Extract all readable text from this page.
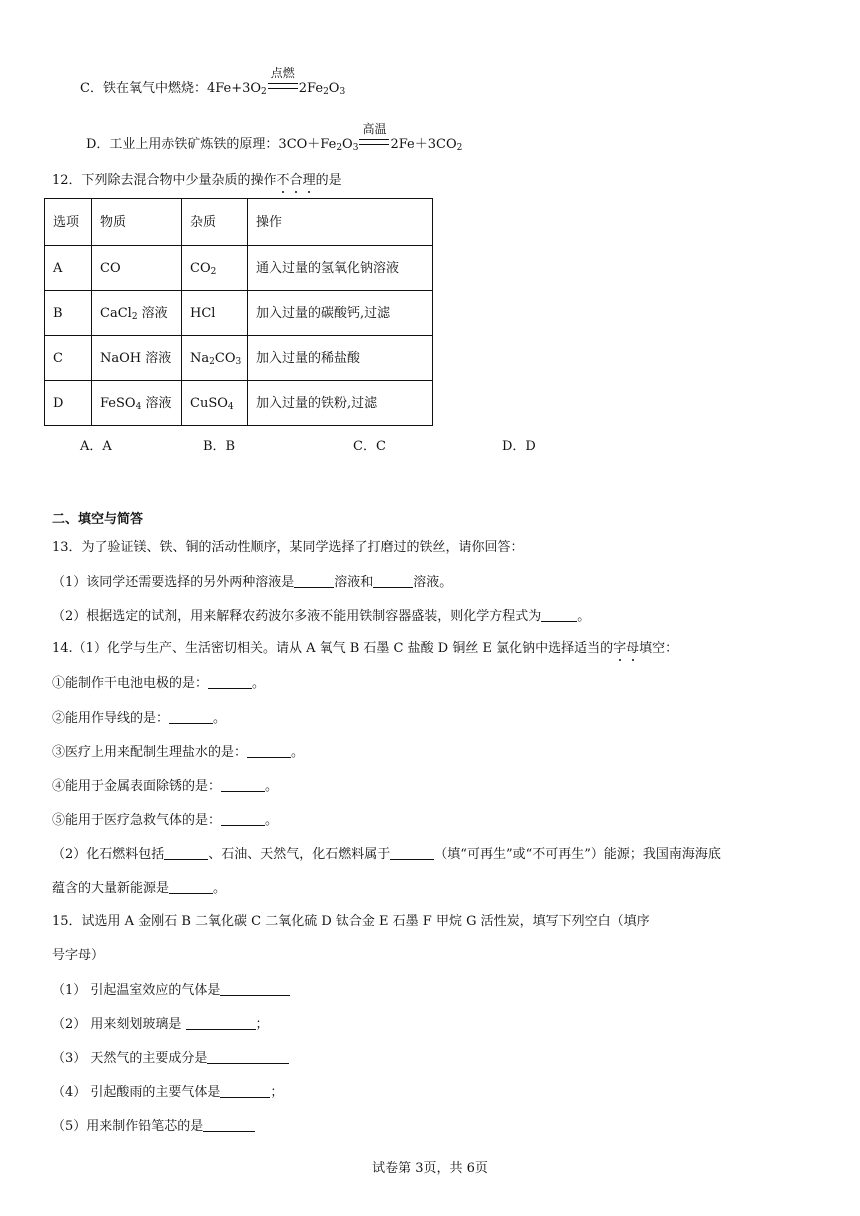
C．铁在氧气中燃烧：$4Fe+3O_2$
点燃
$2Fe_2O_3$
D．工业上用赤铁矿炼铁的原理：$3CO+Fe_2O_3$
高温
$2Fe+3CO_2$
12．下列除去混合物中少量杂质的操作不合理的是
选项	物质	杂质	操作
A	CO	$CO_2$	通入过量的氢氧化钠溶液
B	CaCl$_2$ 溶液	HCl	加入过量的碳酸钙,过滤
C	NaOH 溶液	$Na_2CO_3$	加入过量的稀盐酸
D	FeSO$_4$ 溶液	CuSO$_4$	加入过量的铁粉,过滤
A．A	B．B	C．C	D．D
二、填空与简答
13．为了验证镁、铁、铜的活动性顺序，某同学选择了打磨过的铁丝，请你回答：
（1）该同学还需要选择的另外两种溶液是	溶液和	溶液。
（2）根据选定的试剂，用来解释农药波尔多液不能用铁制容器盛装，则化学方程式为	。
14.（1）化学与生产、生活密切相关。请从 A 氧气 B 石墨 C 盐酸 D 铜丝 E 氯化钠中选择适当的字母填空：
①能制作干电池电极的是：	。
②能用作导线的是：	。
③医疗上用来配制生理盐水的是：	。
④能用于金属表面除锈的是：	。
⑤能用于医疗急救气体的是：	。
（2）化石燃料包括	、石油、天然气，化石燃料属于	（填“可再生”或“不可再生”）能源；我国南海海底
蕴含的大量新能源是	。
15．试选用 A 金刚石 B 二氧化碳 C 二氧化硫 D 钛合金 E 石墨 F 甲烷 G 活性炭，填写下列空白（填序
号字母）
（1） 引起温室效应的气体是
（2） 用来刻划玻璃是	；
（3） 天然气的主要成分是
（4） 引起酸雨的主要气体是	；
（5）用来制作铅笔芯的是
试卷第 3页，共 6页
